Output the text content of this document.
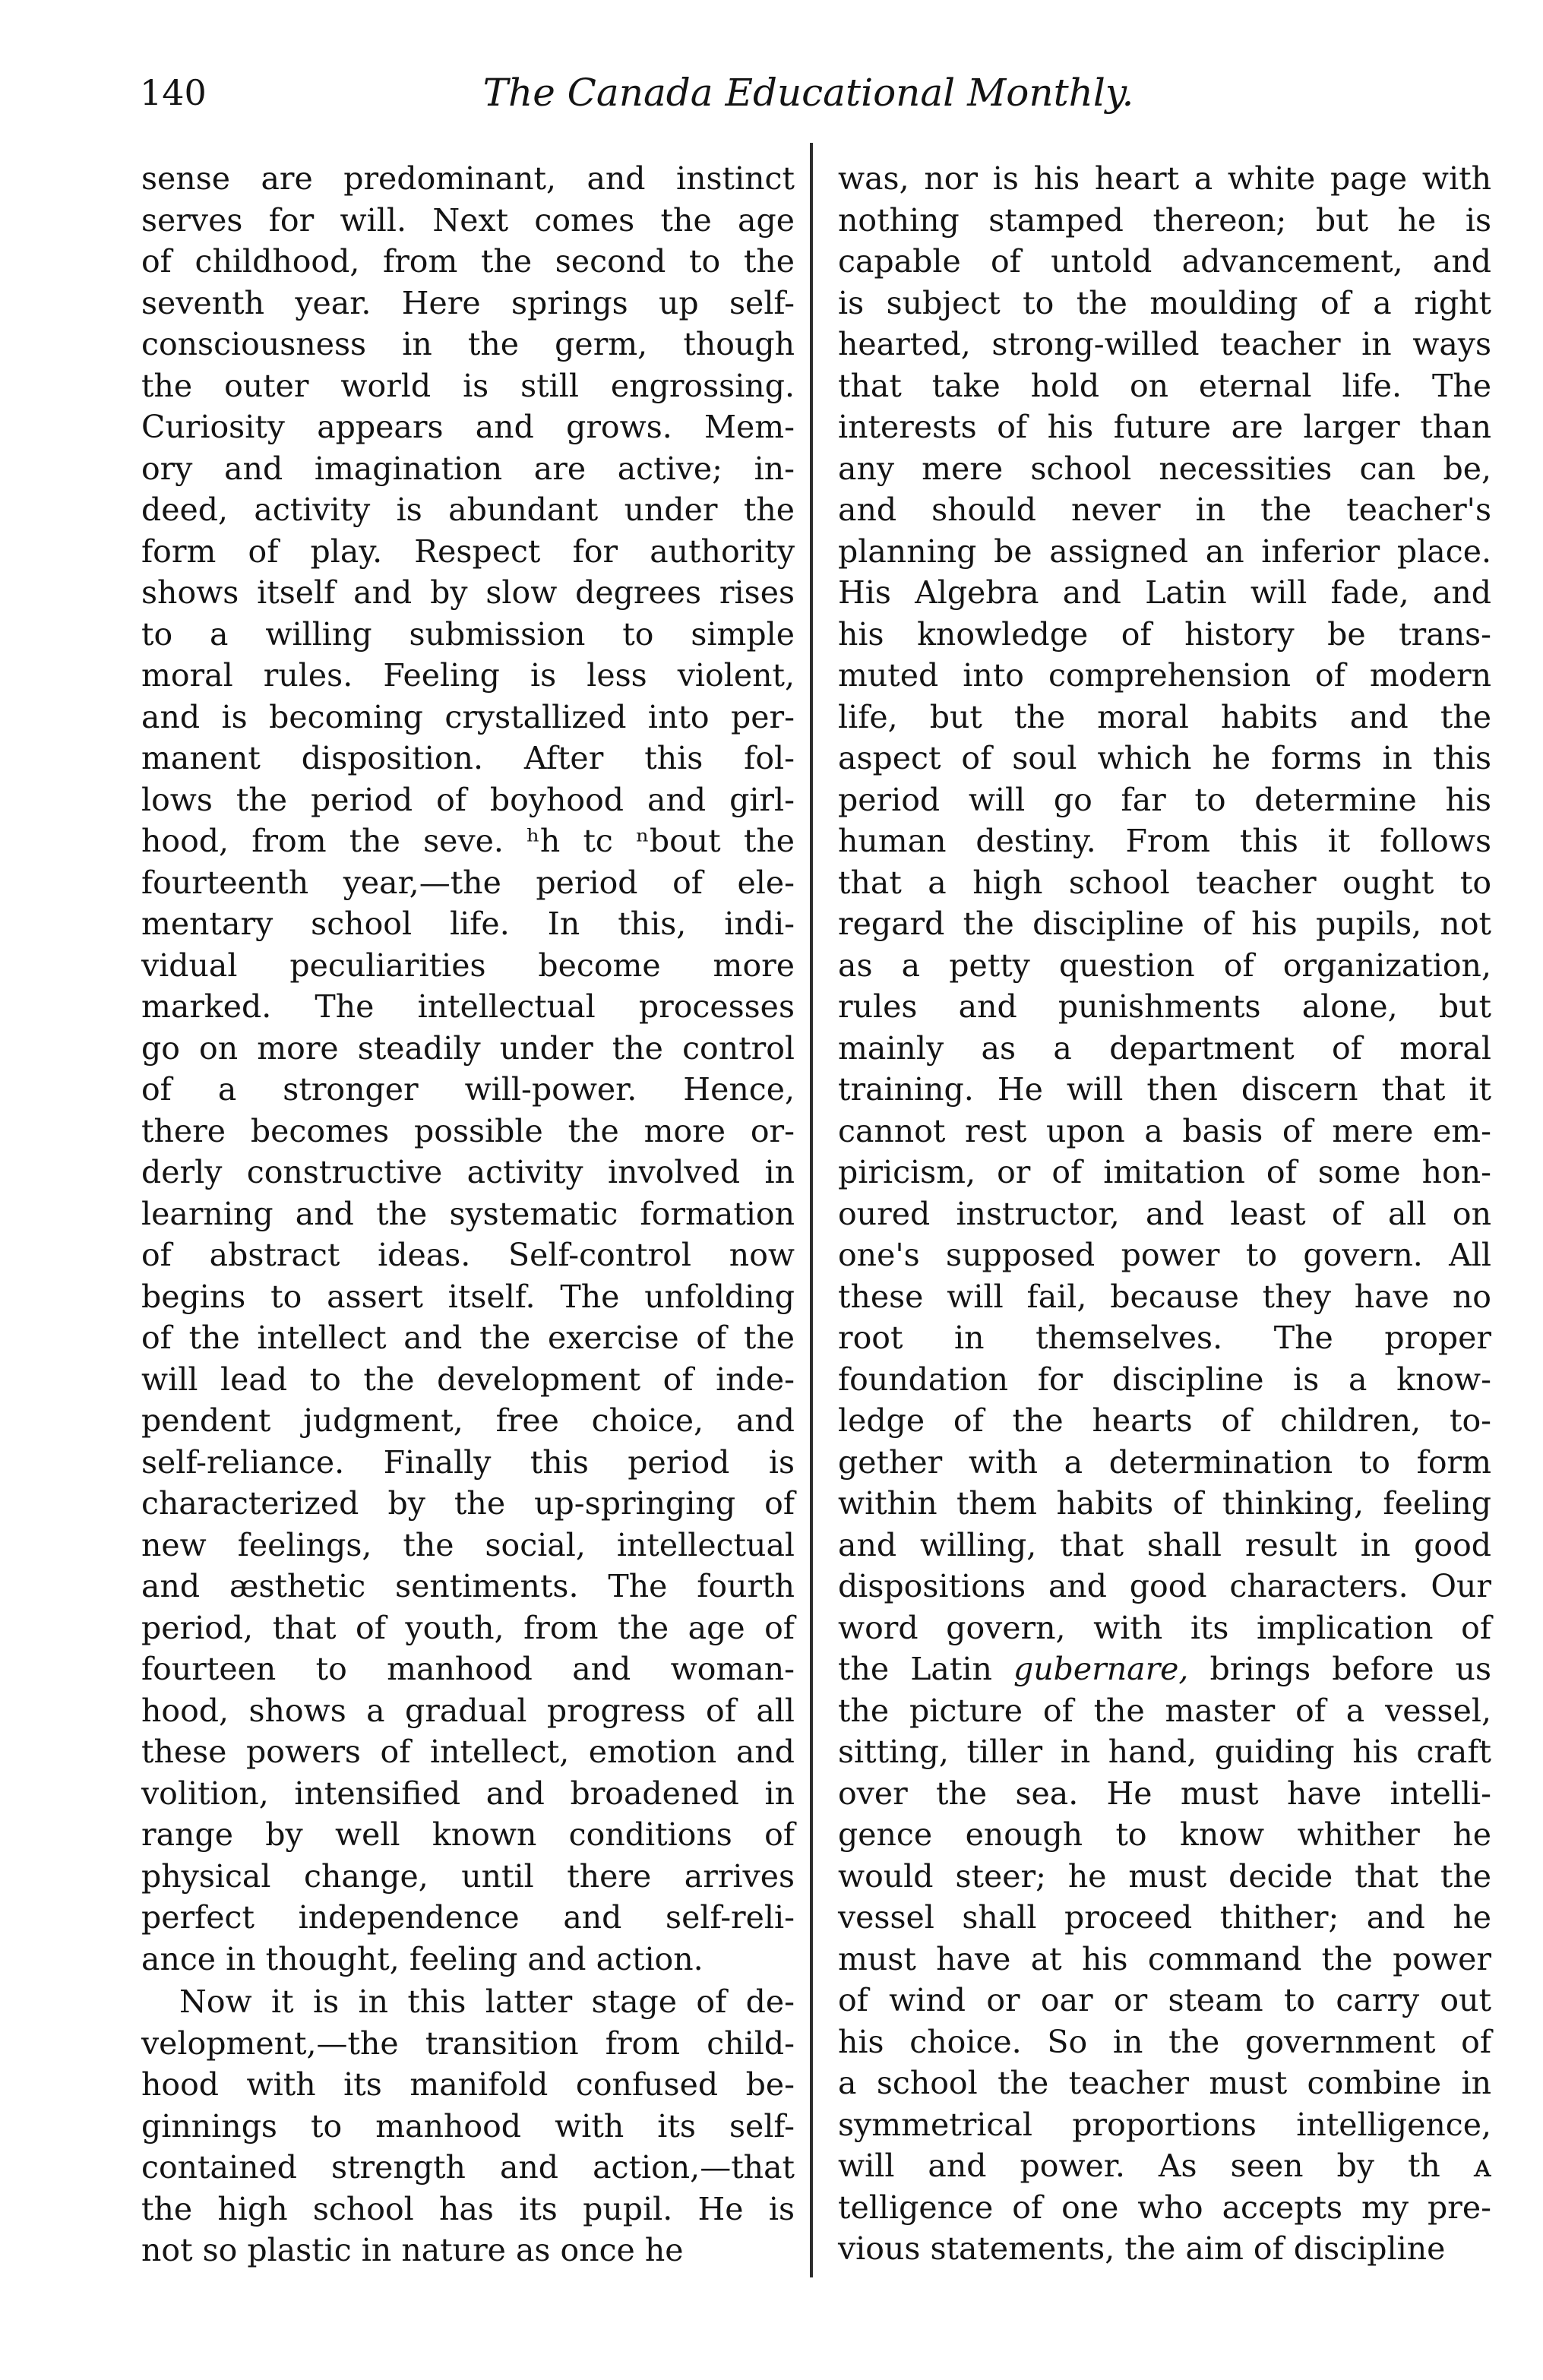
140	The Canada Educational Monthly.
sense are predominant, and instinct
serves for will. Next comes the age
of childhood, from the second to the
seventh year. Here springs up self-
consciousness in the germ, though
the outer world is still engrossing.
Curiosity appears and grows. Mem-
ory and imagination are active; in-
deed, activity is abundant under the
form of play. Respect for authority
shows itself and by slow degrees rises
to a willing submission to simple
moral rules. Feeling is less violent,
and is becoming crystallized into per-
manent disposition. After this fol-
lows the period of boyhood and girl-
hood, from the seve. ʰh tc ⁿbout the
fourteenth year,—the period of ele-
mentary school life. In this, indi-
vidual peculiarities become more
marked. The intellectual processes
go on more steadily under the control
of a stronger will-power. Hence,
there becomes possible the more or-
derly constructive activity involved in
learning and the systematic formation
of abstract ideas. Self-control now
begins to assert itself. The unfolding
of the intellect and the exercise of the
will lead to the development of inde-
pendent judgment, free choice, and
self-reliance. Finally this period is
characterized by the up-springing of
new feelings, the social, intellectual
and æsthetic sentiments. The fourth
period, that of youth, from the age of
fourteen to manhood and woman-
hood, shows a gradual progress of all
these powers of intellect, emotion and
volition, intensified and broadened in
range by well known conditions of
physical change, until there arrives
perfect independence and self-reli-
ance in thought, feeling and action.
Now it is in this latter stage of de-
velopment,—the transition from child-
hood with its manifold confused be-
ginnings to manhood with its self-
contained strength and action,—that
the high school has its pupil. He is
not so plastic in nature as once he
was, nor is his heart a white page with
nothing stamped thereon; but he is
capable of untold advancement, and
is subject to the moulding of a right
hearted, strong-willed teacher in ways
that take hold on eternal life. The
interests of his future are larger than
any mere school necessities can be,
and should never in the teacher's
planning be assigned an inferior place.
His Algebra and Latin will fade, and
his knowledge of history be trans-
muted into comprehension of modern
life, but the moral habits and the
aspect of soul which he forms in this
period will go far to determine his
human destiny. From this it follows
that a high school teacher ought to
regard the discipline of his pupils, not
as a petty question of organization,
rules and punishments alone, but
mainly as a department of moral
training. He will then discern that it
cannot rest upon a basis of mere em-
piricism, or of imitation of some hon-
oured instructor, and least of all on
one's supposed power to govern. All
these will fail, because they have no
root in themselves. The proper
foundation for discipline is a know-
ledge of the hearts of children, to-
gether with a determination to form
within them habits of thinking, feeling
and willing, that shall result in good
dispositions and good characters. Our
word govern, with its implication of
the Latin gubernare, brings before us
the picture of the master of a vessel,
sitting, tiller in hand, guiding his craft
over the sea. He must have intelli-
gence enough to know whither he
would steer; he must decide that the
vessel shall proceed thither; and he
must have at his command the power
of wind or oar or steam to carry out
his choice. So in the government of
a school the teacher must combine in
symmetrical proportions intelligence,
will and power. As seen by th ᴀ
telligence of one who accepts my pre-
vious statements, the aim of discipline
